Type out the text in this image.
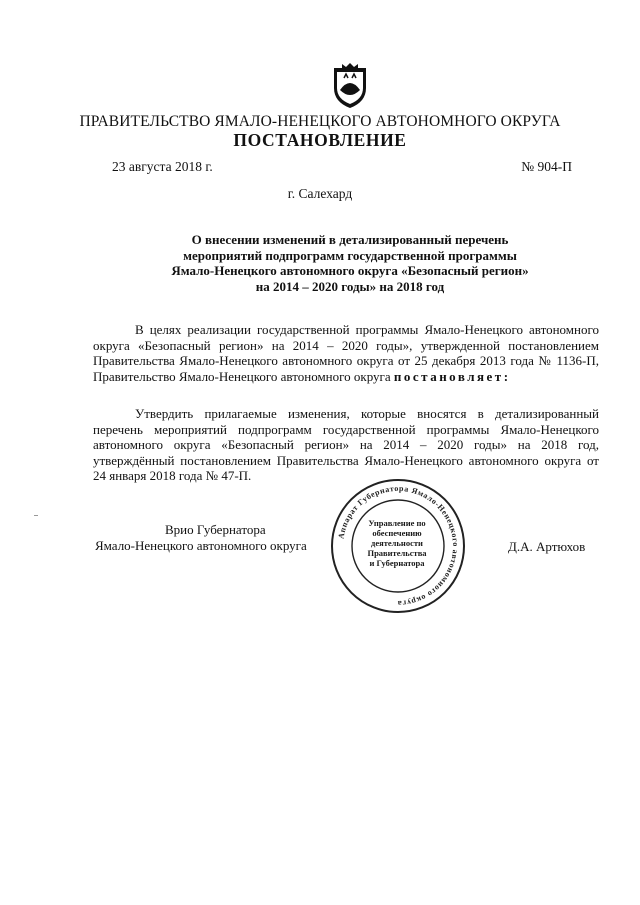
ПРАВИТЕЛЬСТВО ЯМАЛО-НЕНЕЦКОГО АВТОНОМНОГО ОКРУГА
ПОСТАНОВЛЕНИЕ
23 августа 2018 г.	№ 904-П
г. Салехард
О внесении изменений в детализированный перечень
мероприятий подпрограмм государственной программы
Ямало-Ненецкого автономного округа «Безопасный регион»
на 2014 – 2020 годы» на 2018 год
В целях реализации государственной программы Ямало-Ненецкого автономного округа «Безопасный регион» на 2014 – 2020 годы», утвержденной постановлением Правительства Ямало-Ненецкого автономного округа от 25 декабря 2013 года № 1136-П, Правительство Ямало-Ненецкого автономного округа постановляет:
Утвердить прилагаемые изменения, которые вносятся в детализированный перечень мероприятий подпрограмм государственной программы Ямало-Ненецкого автономного округа «Безопасный регион» на 2014 – 2020 годы» на 2018 год, утверждённый постановлением Правительства Ямало-Ненецкого автономного округа от 24 января 2018 года № 47-П.
Врио Губернатора
Ямало-Ненецкого автономного округа	Д.А. Артюхов
Аппарат Губернатора Ямало-Ненецкого автономного округа
Управление по
обеспечению
деятельности
Правительства
и Губернатора
